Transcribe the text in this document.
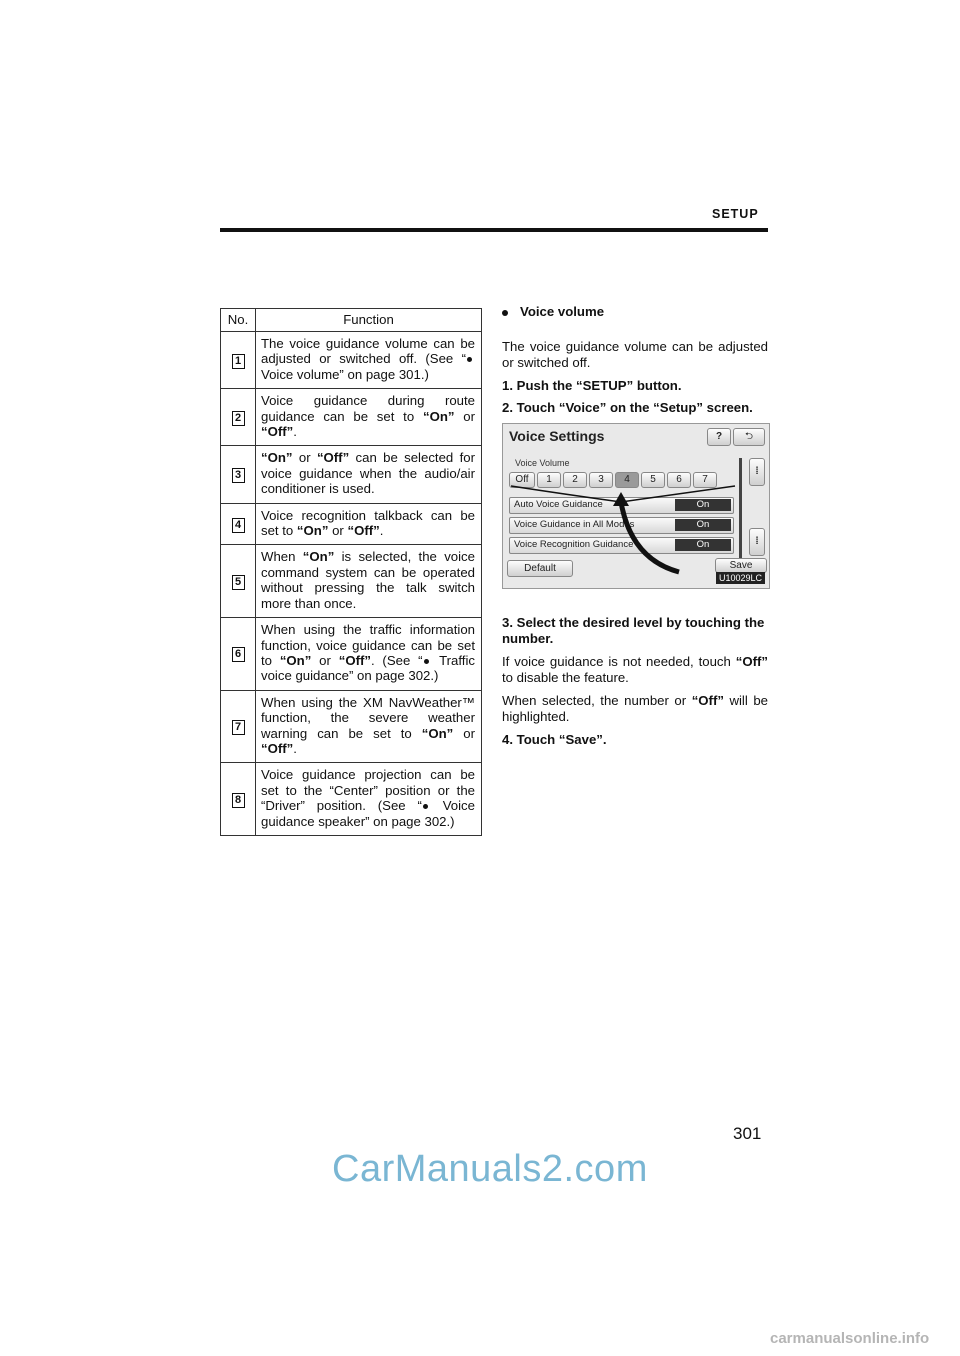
SETUP
No.	Function
1	The voice guidance volume can be adjusted or switched off. (See “ Voice volume” on page 301.)
2	Voice guidance during route guidance can be set to “On” or “Off”.
3	“On” or “Off” can be selected for voice guidance when the audio/air conditioner is used.
4	Voice recognition talkback can be set to “On” or “Off”.
5	When “On” is selected, the voice command system can be operated without pressing the talk switch more than once.
6	When using the traffic information function, voice guidance can be set to “On” or “Off”. (See “ Traffic voice guidance” on page 302.)
7	When using the XM NavWeather™ function, the severe weather warning can be set to “On” or “Off”.
8	Voice guidance projection can be set to the “Center” position or the “Driver” position. (See “ Voice guidance speaker” on page 302.)
Voice volume

The voice guidance volume can be adjusted or switched off.

1. Push the “SETUP” button.

2. Touch “Voice” on the “Setup” screen.

Voice Settings	?	⮌
Voice Volume
Off	1	2	3	4	5	6	7
Auto Voice Guidance	On
Voice Guidance in All Modes	On
Voice Recognition Guidance	On
⁞
⁞
Default	Save
U10029LC

3. Select the desired level by touching the number.

If voice guidance is not needed, touch “Off” to disable the feature.

When selected, the number or “Off” will be highlighted.

4. Touch “Save”.

301
CarManuals2.com
carmanualsonline.info
